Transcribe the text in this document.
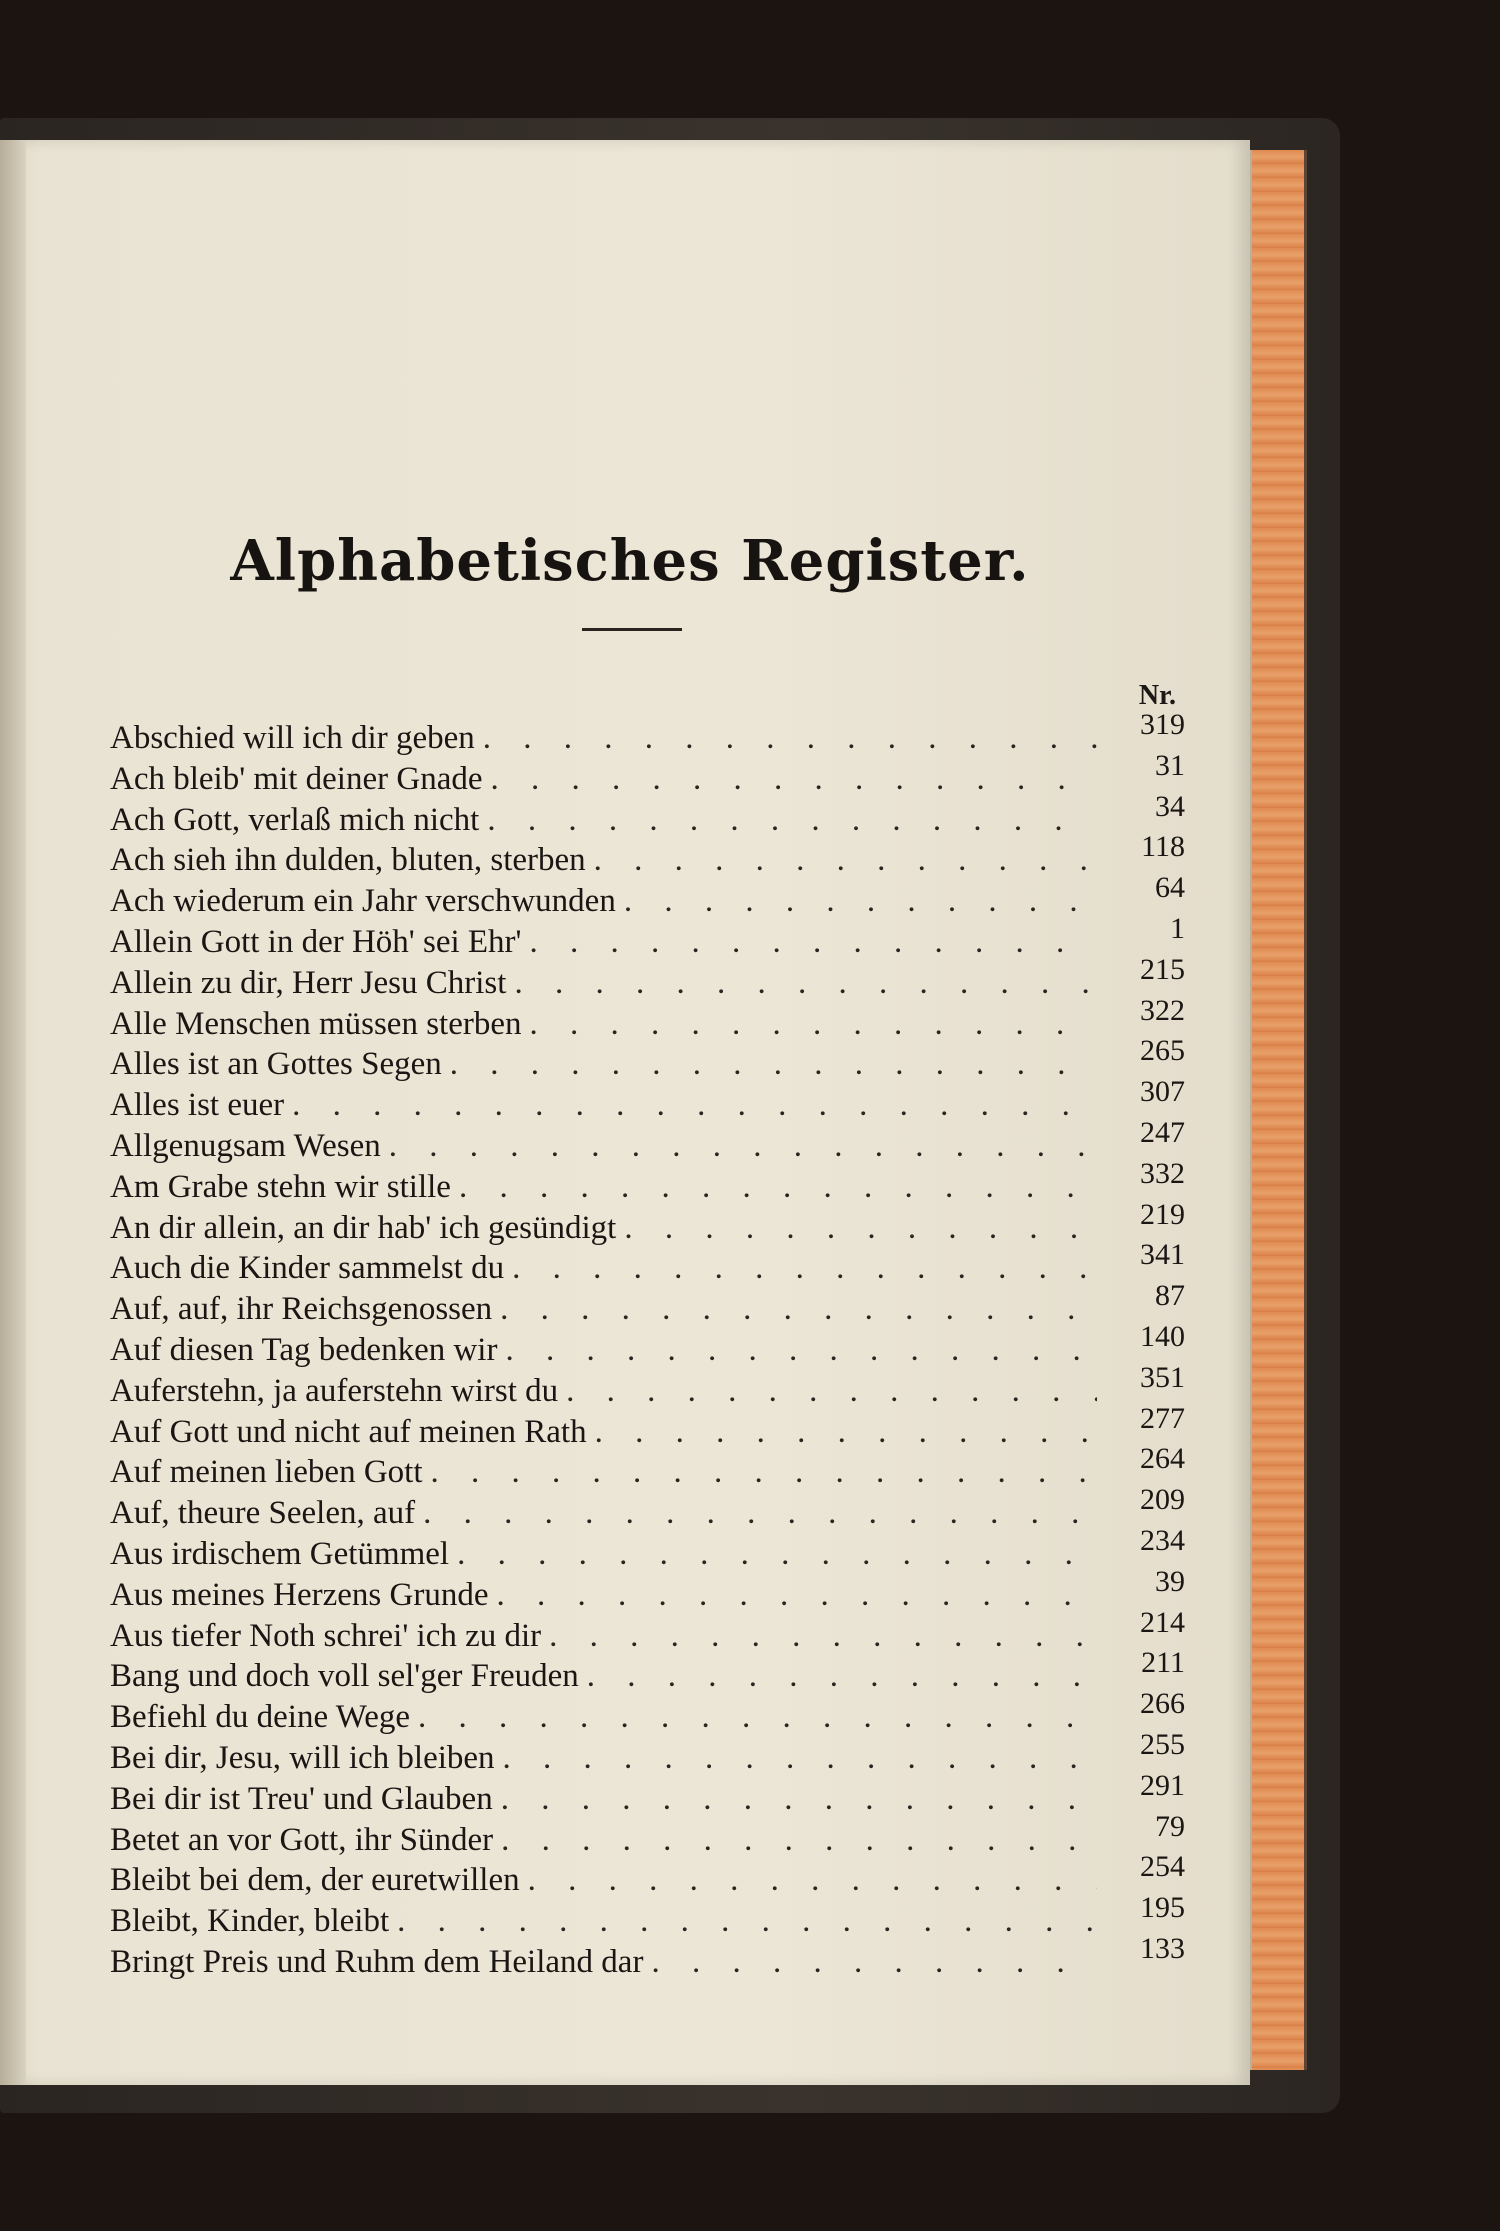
Alphabetisches Register.
Nr.
Abschied will ich dir geben . . .	319
Ach bleib' mit deiner Gnade . . .	31
Ach Gott, verlaß mich nicht . . .	34
Ach sieh ihn dulden, bluten, sterben . . .	118
Ach wiederum ein Jahr verschwunden . . .	64
Allein Gott in der Höh' sei Ehr' . . .	1
Allein zu dir, Herr Jesu Christ . . .	215
Alle Menschen müssen sterben . . .	322
Alles ist an Gottes Segen . . .	265
Alles ist euer . . .	307
Allgenugsam Wesen . . .	247
Am Grabe stehn wir stille . . .	332
An dir allein, an dir hab' ich gesündigt . . .	219
Auch die Kinder sammelst du . . .	341
Auf, auf, ihr Reichsgenossen . . .	87
Auf diesen Tag bedenken wir . . .	140
Auferstehn, ja auferstehn wirst du . . .	351
Auf Gott und nicht auf meinen Rath . . .	277
Auf meinen lieben Gott . . .	264
Auf, theure Seelen, auf . . .	209
Aus irdischem Getümmel . . .	234
Aus meines Herzens Grunde . . .	39
Aus tiefer Noth schrei' ich zu dir . . .	214
Bang und doch voll sel'ger Freuden . . .	211
Befiehl du deine Wege . . .	266
Bei dir, Jesu, will ich bleiben . . .	255
Bei dir ist Treu' und Glauben . . .	291
Betet an vor Gott, ihr Sünder . . .	79
Bleibt bei dem, der euretwillen . . .	254
Bleibt, Kinder, bleibt . . .	195
Bringt Preis und Ruhm dem Heiland dar . . .	133
